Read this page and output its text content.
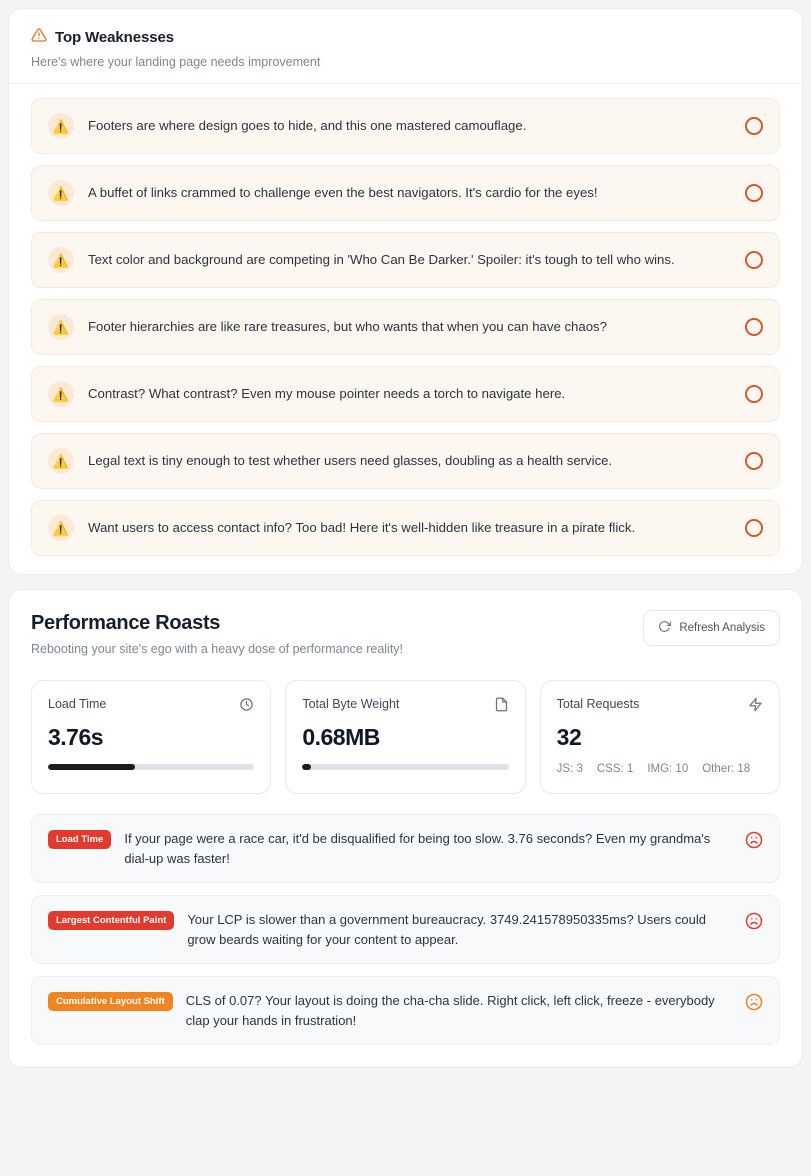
Top Weaknesses
Here's where your landing page needs improvement
⚠️	Footers are where design goes to hide, and this one mastered camouflage.
⚠️	A buffet of links crammed to challenge even the best navigators. It's cardio for the eyes!
⚠️	Text color and background are competing in 'Who Can Be Darker.' Spoiler: it's tough to tell who wins.
⚠️	Footer hierarchies are like rare treasures, but who wants that when you can have chaos?
⚠️	Contrast? What contrast? Even my mouse pointer needs a torch to navigate here.
⚠️	Legal text is tiny enough to test whether users need glasses, doubling as a health service.
⚠️	Want users to access contact info? Too bad! Here it's well-hidden like treasure in a pirate flick.
Performance Roasts
Rebooting your site's ego with a heavy dose of performance reality!
Refresh Analysis
Load Time
3.76s
Total Byte Weight
0.68MB
Total Requests
32
JS: 3 CSS: 1 IMG: 10 Other: 18
Load Time	If your page were a race car, it'd be disqualified for being too slow. 3.76 seconds? Even my grandma's dial-up was faster!
Largest Contentful Paint	Your LCP is slower than a government bureaucracy. 3749.241578950335ms? Users could grow beards waiting for your content to appear.
Cumulative Layout Shift	CLS of 0.07? Your layout is doing the cha-cha slide. Right click, left click, freeze - everybody clap your hands in frustration!
